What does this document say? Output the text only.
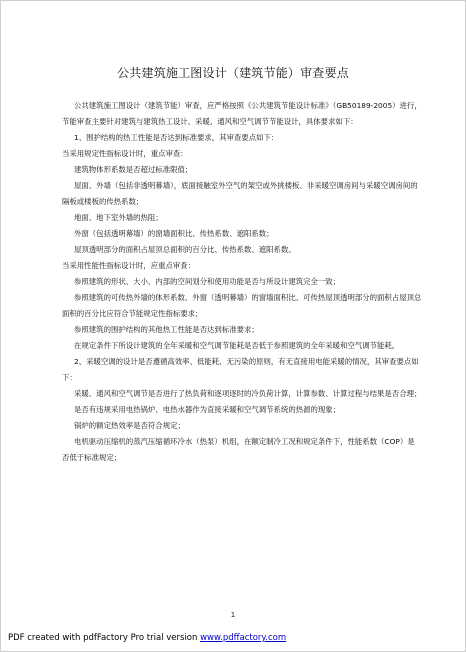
公共建筑施工图设计（建筑节能）审查要点

公共建筑施工图设计（建筑节能）审查，应严格按照《公共建筑节能设计标准》（GB50189-2005）进行，节能审查主要针对建筑与建筑热工设计、采暖、通风和空气调节节能设计，具体要求如下：

1、围护结构的热工性能是否达到标准要求，其审查要点如下：

当采用规定性指标设计时，重点审查：

建筑物体形系数是否超过标准限值；

屋面、外墙（包括非透明幕墙），底面接触室外空气的架空或外挑楼板、非采暖空调房间与采暖空调房间的隔板或楼板的传热系数；

地面、地下室外墙的热阻；

外窗（包括透明幕墙）的窗墙面积比、传热系数、遮阳系数；

屋顶透明部分的面积占屋顶总面积的百分比、传热系数、遮阳系数。

当采用性能性指标设计时，应重点审查：

参照建筑的形状、大小、内部的空间划分和使用功能是否与所设计建筑完全一致；

参照建筑的可传热外墙的体形系数、外窗（透明幕墙）的窗墙面积比、可传热屋顶透明部分的面积占屋顶总面积的百分比应符合节能规定性指标要求；

参照建筑的围护结构的其他热工性能是否达到标准要求；

在规定条件下所设计建筑的全年采暖和空气调节能耗是否低于参照建筑的全年采暖和空气调节能耗。

2、采暖空调的设计是否遵循高效率、低能耗、无污染的原则，有无直接用电能采暖的情况，其审查要点如下：

采暖、通风和空气调节是否进行了热负荷和逐项逐时的冷负荷计算，计算参数、计算过程与结果是否合理；

是否有违规采用电热锅炉、电热水器作为直接采暖和空气调节系统的热源的现象；

锅炉的额定热效率是否符合规定；

电机驱动压缩机的蒸汽压缩循环冷水（热泵）机组，在额定制冷工况和规定条件下，性能系数（COP）是否低于标准规定；

1
PDF created with pdfFactory Pro trial version www.pdffactory.com
